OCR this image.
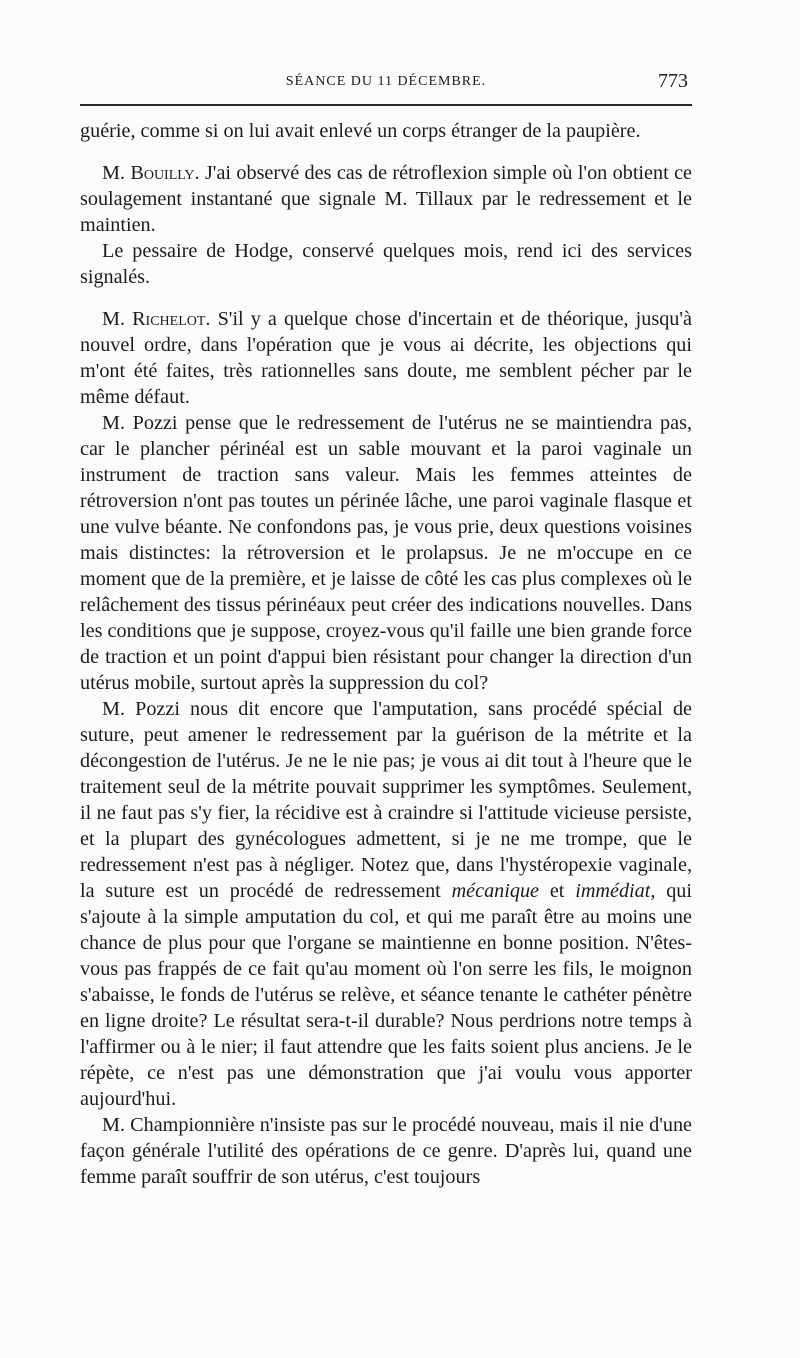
SÉANCE DU 11 DÉCEMBRE.	773

guérie, comme si on lui avait enlevé un corps étranger de la paupière.

M. Bouilly. J'ai observé des cas de rétroflexion simple où l'on obtient ce soulagement instantané que signale M. Tillaux par le redressement et le maintien.

Le pessaire de Hodge, conservé quelques mois, rend ici des services signalés.

M. Richelot. S'il y a quelque chose d'incertain et de théorique, jusqu'à nouvel ordre, dans l'opération que je vous ai décrite, les objections qui m'ont été faites, très rationnelles sans doute, me semblent pécher par le même défaut.

M. Pozzi pense que le redressement de l'utérus ne se maintiendra pas, car le plancher périnéal est un sable mouvant et la paroi vaginale un instrument de traction sans valeur. Mais les femmes atteintes de rétroversion n'ont pas toutes un périnée lâche, une paroi vaginale flasque et une vulve béante. Ne confondons pas, je vous prie, deux questions voisines mais distinctes: la rétroversion et le prolapsus. Je ne m'occupe en ce moment que de la première, et je laisse de côté les cas plus complexes où le relâchement des tissus périnéaux peut créer des indications nouvelles. Dans les conditions que je suppose, croyez-vous qu'il faille une bien grande force de traction et un point d'appui bien résistant pour changer la direction d'un utérus mobile, surtout après la suppression du col?

M. Pozzi nous dit encore que l'amputation, sans procédé spécial de suture, peut amener le redressement par la guérison de la métrite et la décongestion de l'utérus. Je ne le nie pas; je vous ai dit tout à l'heure que le traitement seul de la métrite pouvait supprimer les symptômes. Seulement, il ne faut pas s'y fier, la récidive est à craindre si l'attitude vicieuse persiste, et la plupart des gynécologues admettent, si je ne me trompe, que le redressement n'est pas à négliger. Notez que, dans l'hystéropexie vaginale, la suture est un procédé de redressement mécanique et immédiat, qui s'ajoute à la simple amputation du col, et qui me paraît être au moins une chance de plus pour que l'organe se maintienne en bonne position. N'êtes-vous pas frappés de ce fait qu'au moment où l'on serre les fils, le moignon s'abaisse, le fonds de l'utérus se relève, et séance tenante le cathéter pénètre en ligne droite? Le résultat sera-t-il durable? Nous perdrions notre temps à l'affirmer ou à le nier; il faut attendre que les faits soient plus anciens. Je le répète, ce n'est pas une démonstration que j'ai voulu vous apporter aujourd'hui.

M. Championnière n'insiste pas sur le procédé nouveau, mais il nie d'une façon générale l'utilité des opérations de ce genre. D'après lui, quand une femme paraît souffrir de son utérus, c'est toujours
